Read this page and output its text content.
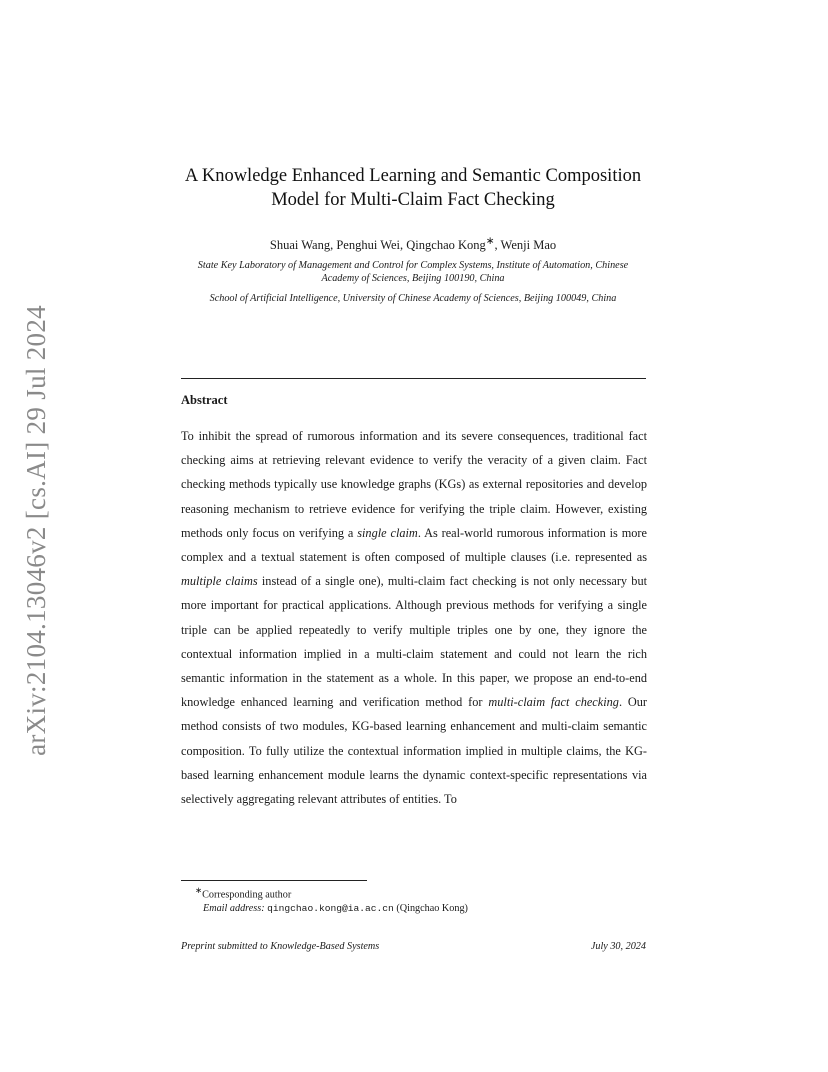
arXiv:2104.13046v2 [cs.AI] 29 Jul 2024
A Knowledge Enhanced Learning and Semantic Composition Model for Multi-Claim Fact Checking
Shuai Wang, Penghui Wei, Qingchao Kong∗, Wenji Mao
State Key Laboratory of Management and Control for Complex Systems, Institute of Automation, Chinese Academy of Sciences, Beijing 100190, China
School of Artificial Intelligence, University of Chinese Academy of Sciences, Beijing 100049, China
Abstract
To inhibit the spread of rumorous information and its severe consequences, traditional fact checking aims at retrieving relevant evidence to verify the veracity of a given claim. Fact checking methods typically use knowledge graphs (KGs) as external repositories and develop reasoning mechanism to retrieve evidence for verifying the triple claim. However, existing methods only focus on verifying a single claim. As real-world rumorous information is more complex and a textual statement is often composed of multiple clauses (i.e. represented as multiple claims instead of a single one), multi-claim fact checking is not only necessary but more important for practical applications. Although previous methods for verifying a single triple can be applied repeatedly to verify multiple triples one by one, they ignore the contextual information implied in a multi-claim statement and could not learn the rich semantic information in the statement as a whole. In this paper, we propose an end-to-end knowledge enhanced learning and verification method for multi-claim fact checking. Our method consists of two modules, KG-based learning enhancement and multi-claim semantic composition. To fully utilize the contextual information implied in multiple claims, the KG-based learning enhancement module learns the dynamic context-specific representations via selectively aggregating relevant attributes of entities. To
∗Corresponding author
Email address: qingchao.kong@ia.ac.cn (Qingchao Kong)
Preprint submitted to Knowledge-Based Systems	July 30, 2024
